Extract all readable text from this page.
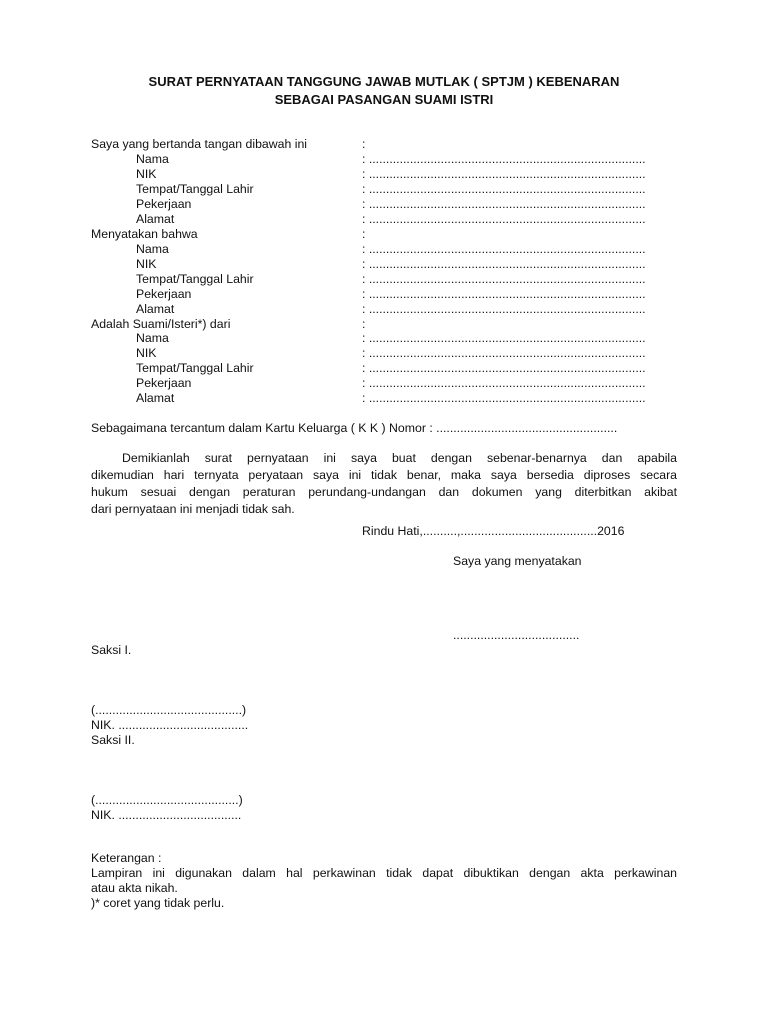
SURAT PERNYATAAN TANGGUNG JAWAB MUTLAK ( SPTJM ) KEBENARAN
SEBAGAI PASANGAN SUAMI ISTRI
Saya yang bertanda tangan dibawah ini	:
Nama	: .................................................................................
NIK	: .................................................................................
Tempat/Tanggal Lahir	: .................................................................................
Pekerjaan	: .................................................................................
Alamat	: .................................................................................
Menyatakan bahwa	:
Nama	: .................................................................................
NIK	: .................................................................................
Tempat/Tanggal Lahir	: .................................................................................
Pekerjaan	: .................................................................................
Alamat	: .................................................................................
Adalah Suami/Isteri*) dari	:
Nama	: .................................................................................
NIK	: .................................................................................
Tempat/Tanggal Lahir	: .................................................................................
Pekerjaan	: .................................................................................
Alamat	: .................................................................................
Sebagaimana tercantum dalam Kartu Keluarga ( K K ) Nomor : .....................................................
Demikianlah surat pernyataan ini saya buat dengan sebenar-benarnya dan apabila
dikemudian hari ternyata peryataan saya ini tidak benar, maka saya bersedia diproses secara
hukum sesuai dengan peraturan perundang-undangan dan dokumen yang diterbitkan akibat
dari pernyataan ini menjadi tidak sah.
Rindu Hati,..........,........................................2016
Saya yang menyatakan
.....................................
Saksi I.
(...........................................)
NIK. ......................................
Saksi II.
(..........................................)
NIK. ....................................
Keterangan :
Lampiran ini digunakan dalam hal perkawinan tidak dapat dibuktikan dengan akta perkawinan
atau akta nikah.
)* coret yang tidak perlu.
